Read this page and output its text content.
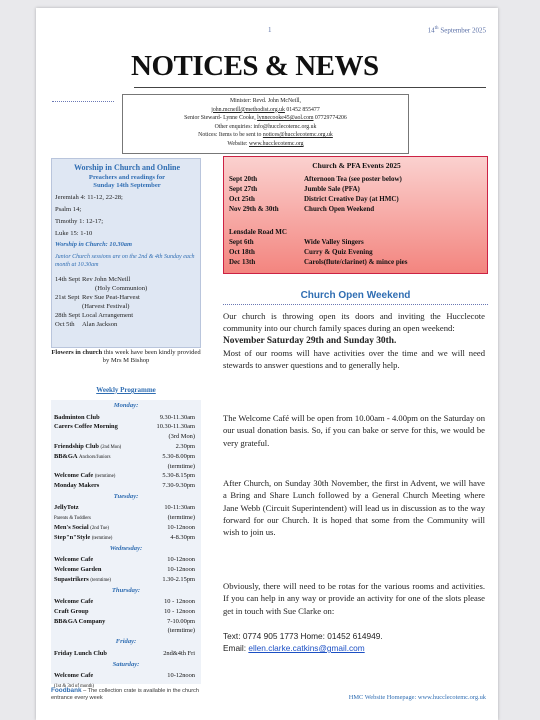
1	14th September 2025
NOTICES & NEWS
Minister: Revd. John McNeill,
john.mcneill@methodist.org.uk 01452 855477
Senior Steward- Lynne Cooke, lynnecooke45@aol.com 07729774206
Other enquiries: info@hucclecotemc.org.uk
Notices: Items to be sent to notices@hucclecotemc.org.uk
Website: www.hucclecotemc.org
Worship in Church and Online
Preachers and readings for
Sunday 14th September
Jeremiah 4: 11-12, 22-28;
Psalm 14;
Timothy 1: 12-17;
Luke 15: 1-10
Worship in Church: 10.30am
Junior Church sessions are on the 2nd & 4th Sunday each month at 10.30am
14th Sept Rev John McNeill
(Holy Communion)
21st Sept Rev Sue Peat-Harvest
(Harvest Festival)
28th Sept Local Arrangement
Oct 5th Alan Jackson
Flowers in church this week have been kindly provided by Mrs M Bishop
Weekly Programme
Monday:
Badminton Club	9.30-11.30am
Carers Coffee Morning	10.30-11.30am
(3rd Mon)
Friendship Club (2nd Mon)	2.30pm
BB&GA Anchors/Juniors	5.30-8.00pm
(termtime)
Welcome Cafe (termtime)	5.30-8.15pm
Monday Makers	7.30-9.30pm
Tuesday:
JellyTotz	10-11:30am
Parents & Toddlers	(termtime)
Men's Social (2nd Tue)	10-12noon
Step"n"Style (termtime)	4-8.30pm
Wednesday:
Welcome Cafe	10-12noon
Welcome Garden	10-12noon
Supastrikers (termtime)	1.30-2.15pm
Thursday:
Welcome Cafe	10 - 12noon
Craft Group	10 - 12noon
BB&GA Company	7-10.00pm
(termtime)
Friday:
Friday Lunch Club	2nd&4th Fri
Saturday:
Welcome Cafe	10-12noon
(1st & 3rd of month)
Foodbank – The collection crate is available in the church entrance every week
Church & PFA Events 2025
Sept 20th	Afternoon Tea (see poster below)
Sept 27th	Jumble Sale (PFA)
Oct 25th	District Creative Day (at HMC)
Nov 29th & 30th	Church Open Weekend
Lensdale Road MC
Sept 6th	Wide Valley Singers
Oct 18th	Curry & Quiz Evening
Dec 13th	Carols(flute/clarinet) & mince pies
Church Open Weekend
Our church is throwing open its doors and inviting the Hucclecote community into our church family spaces during an open weekend:
November Saturday 29th and Sunday 30th.
Most of our rooms will have activities over the time and we will need stewards to answer questions and to generally help.
The Welcome Café will be open from 10.00am - 4.00pm on the Saturday on our usual donation basis. So, if you can bake or serve for this, we would be very grateful.
After Church, on Sunday 30th November, the first in Advent, we will have a Bring and Share Lunch followed by a General Church Meeting where Jane Webb (Circuit Superintendent) will lead us in discussion as to the way forward for our Church. It is hoped that some from the Community will wish to join us.
Obviously, there will need to be rotas for the various rooms and activities. If you can help in any way or provide an activity for one of the slots please get in touch with Sue Clarke on:
Text: 0774 905 1773 Home: 01452 614949.
Email: ellen.clarke.catkins@gmail.com
HMC Website Homepage: www.hucclecotemc.org.uk
